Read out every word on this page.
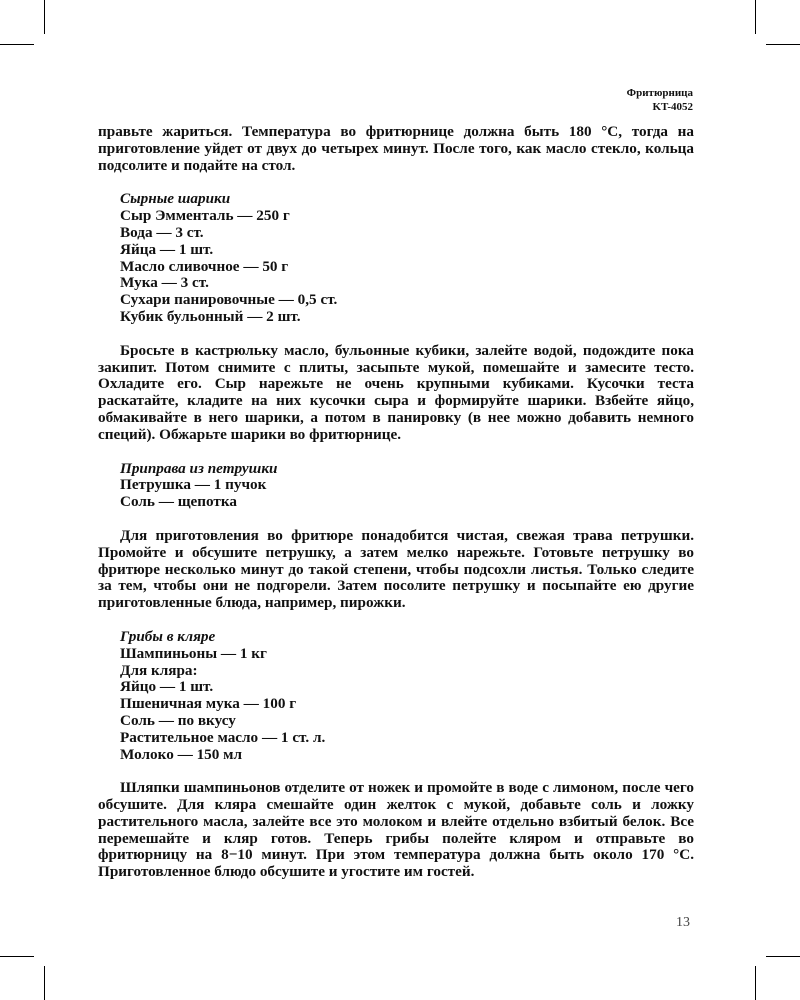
Фритюрница
KT-4052

правьте жариться. Температура во фритюрнице должна быть 180 °C, тогда на приготовление уйдет от двух до четырех минут. После того, как масло стекло, кольца подсолите и подайте на стол.

Сырные шарики
Сыр Эмменталь — 250 г
Вода — 3 ст.
Яйца — 1 шт.
Масло сливочное — 50 г
Мука — 3 ст.
Сухари панировочные — 0,5 ст.
Кубик бульонный — 2 шт.

Бросьте в кастрюльку масло, бульонные кубики, залейте водой, подождите пока закипит. Потом снимите с плиты, засыпьте мукой, помешайте и замесите тесто. Охладите его. Сыр нарежьте не очень крупными кубиками. Кусочки теста раскатайте, кладите на них кусочки сыра и формируйте шарики. Взбейте яйцо, обмакивайте в него шарики, а потом в панировку (в нее можно добавить немного специй). Обжарьте шарики во фритюрнице.

Приправа из петрушки
Петрушка — 1 пучок
Соль — щепотка

Для приготовления во фритюре понадобится чистая, свежая трава петрушки. Промойте и обсушите петрушку, а затем мелко нарежьте. Готовьте петрушку во фритюре несколько минут до такой степени, чтобы подсохли листья. Только следите за тем, чтобы они не подгорели. Затем посолите петрушку и посыпайте ею другие приготовленные блюда, например, пирожки.

Грибы в кляре
Шампиньоны — 1 кг
Для кляра:
Яйцо — 1 шт.
Пшеничная мука — 100 г
Соль — по вкусу
Растительное масло — 1 ст. л.
Молоко — 150 мл

Шляпки шампиньонов отделите от ножек и промойте в воде с лимоном, после чего обсушите. Для кляра смешайте один желток с мукой, добавьте соль и ложку растительного масла, залейте все это молоком и влейте отдельно взбитый белок. Все перемешайте и кляр готов. Теперь грибы полейте кляром и отправьте во фритюрницу на 8−10 минут. При этом температура должна быть около 170 °C. Приготовленное блюдо обсушите и угостите им гостей.

13
